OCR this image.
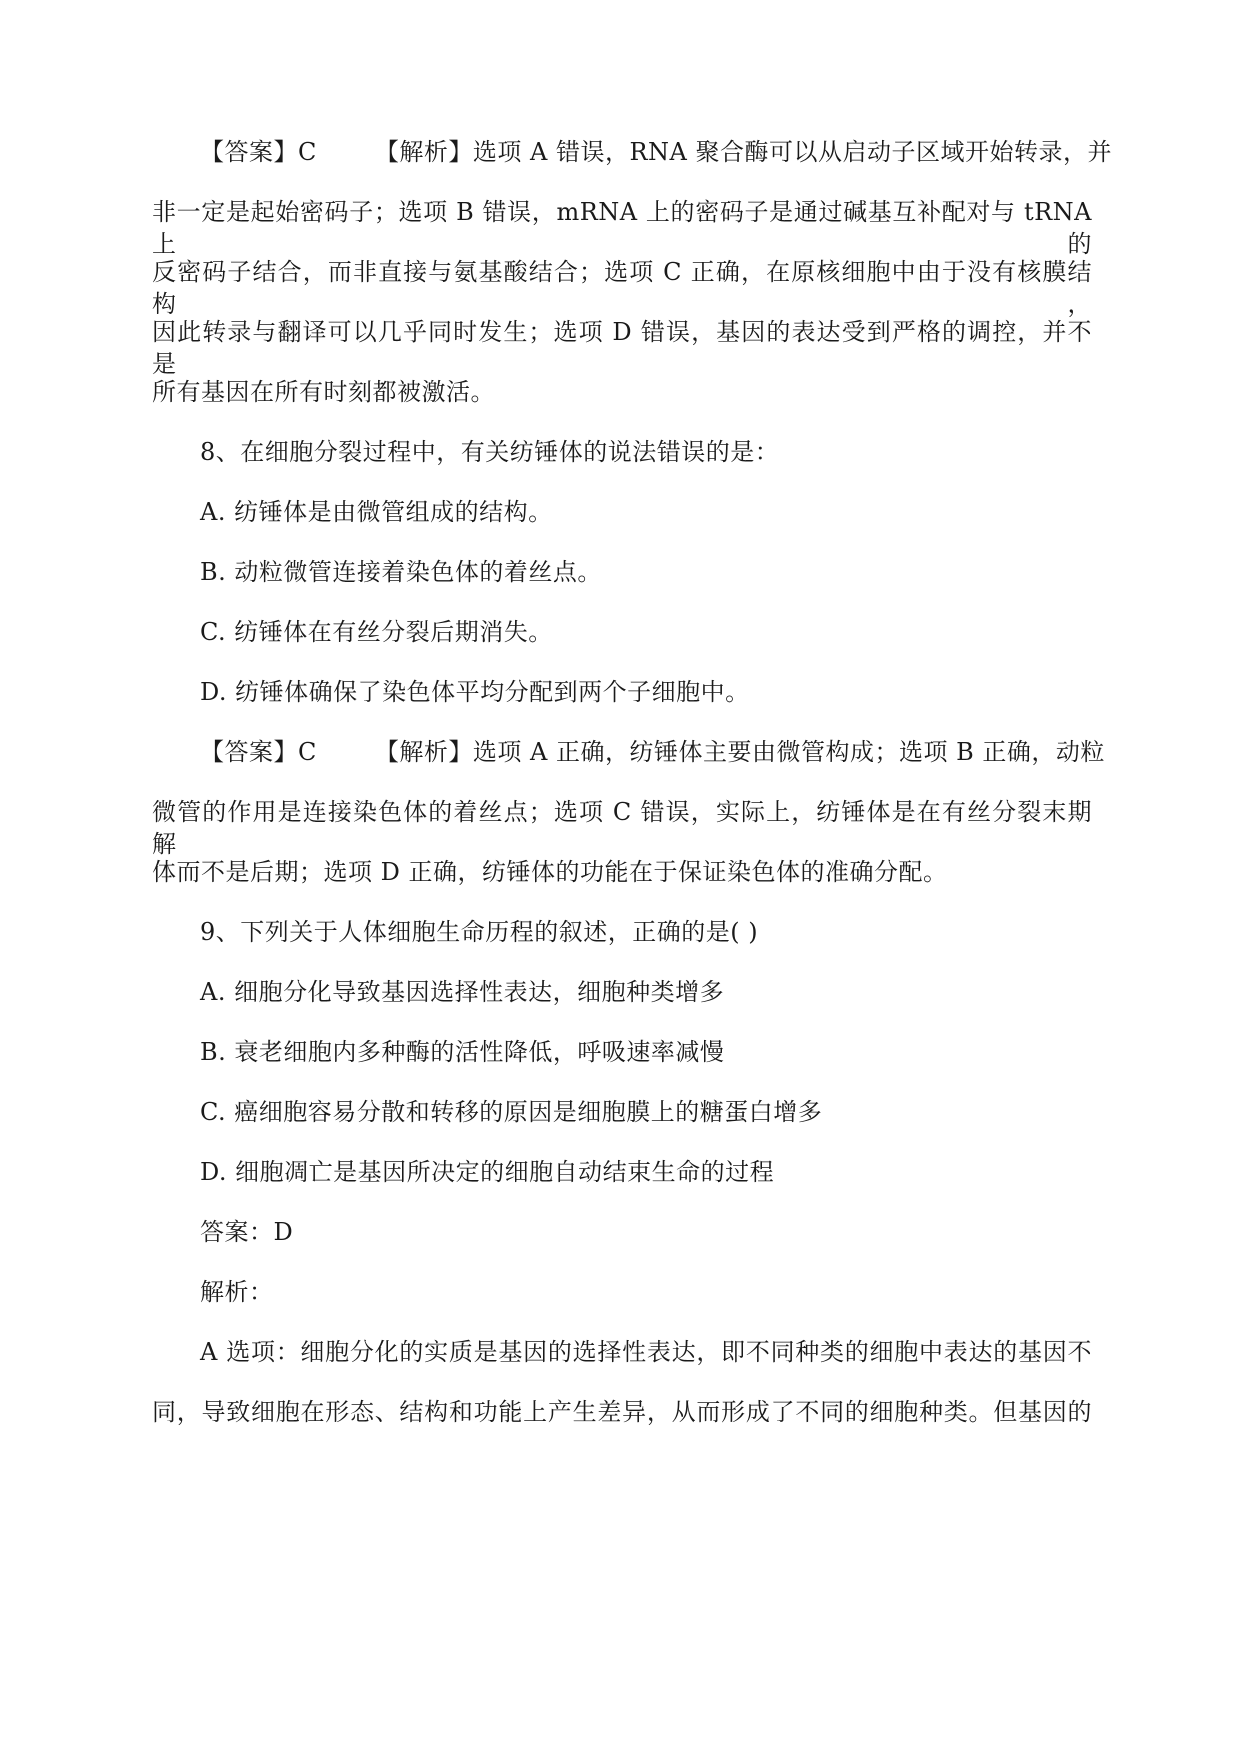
【答案】C 【解析】选项 A 错误，RNA 聚合酶可以从启动子区域开始转录，并
非一定是起始密码子；选项 B 错误，mRNA 上的密码子是通过碱基互补配对与 tRNA 上的
反密码子结合，而非直接与氨基酸结合；选项 C 正确，在原核细胞中由于没有核膜结构，
因此转录与翻译可以几乎同时发生；选项 D 错误，基因的表达受到严格的调控，并不是
所有基因在所有时刻都被激活。
8、在细胞分裂过程中，有关纺锤体的说法错误的是：
A. 纺锤体是由微管组成的结构。
B. 动粒微管连接着染色体的着丝点。
C. 纺锤体在有丝分裂后期消失。
D. 纺锤体确保了染色体平均分配到两个子细胞中。
【答案】C 【解析】选项 A 正确，纺锤体主要由微管构成；选项 B 正确，动粒
微管的作用是连接染色体的着丝点；选项 C 错误，实际上，纺锤体是在有丝分裂末期解
体而不是后期；选项 D 正确，纺锤体的功能在于保证染色体的准确分配。
9、下列关于人体细胞生命历程的叙述，正确的是( )
A. 细胞分化导致基因选择性表达，细胞种类增多
B. 衰老细胞内多种酶的活性降低，呼吸速率减慢
C. 癌细胞容易分散和转移的原因是细胞膜上的糖蛋白增多
D. 细胞凋亡是基因所决定的细胞自动结束生命的过程
答案：D
解析：
A 选项：细胞分化的实质是基因的选择性表达，即不同种类的细胞中表达的基因不
同，导致细胞在形态、结构和功能上产生差异，从而形成了不同的细胞种类。但基因的
